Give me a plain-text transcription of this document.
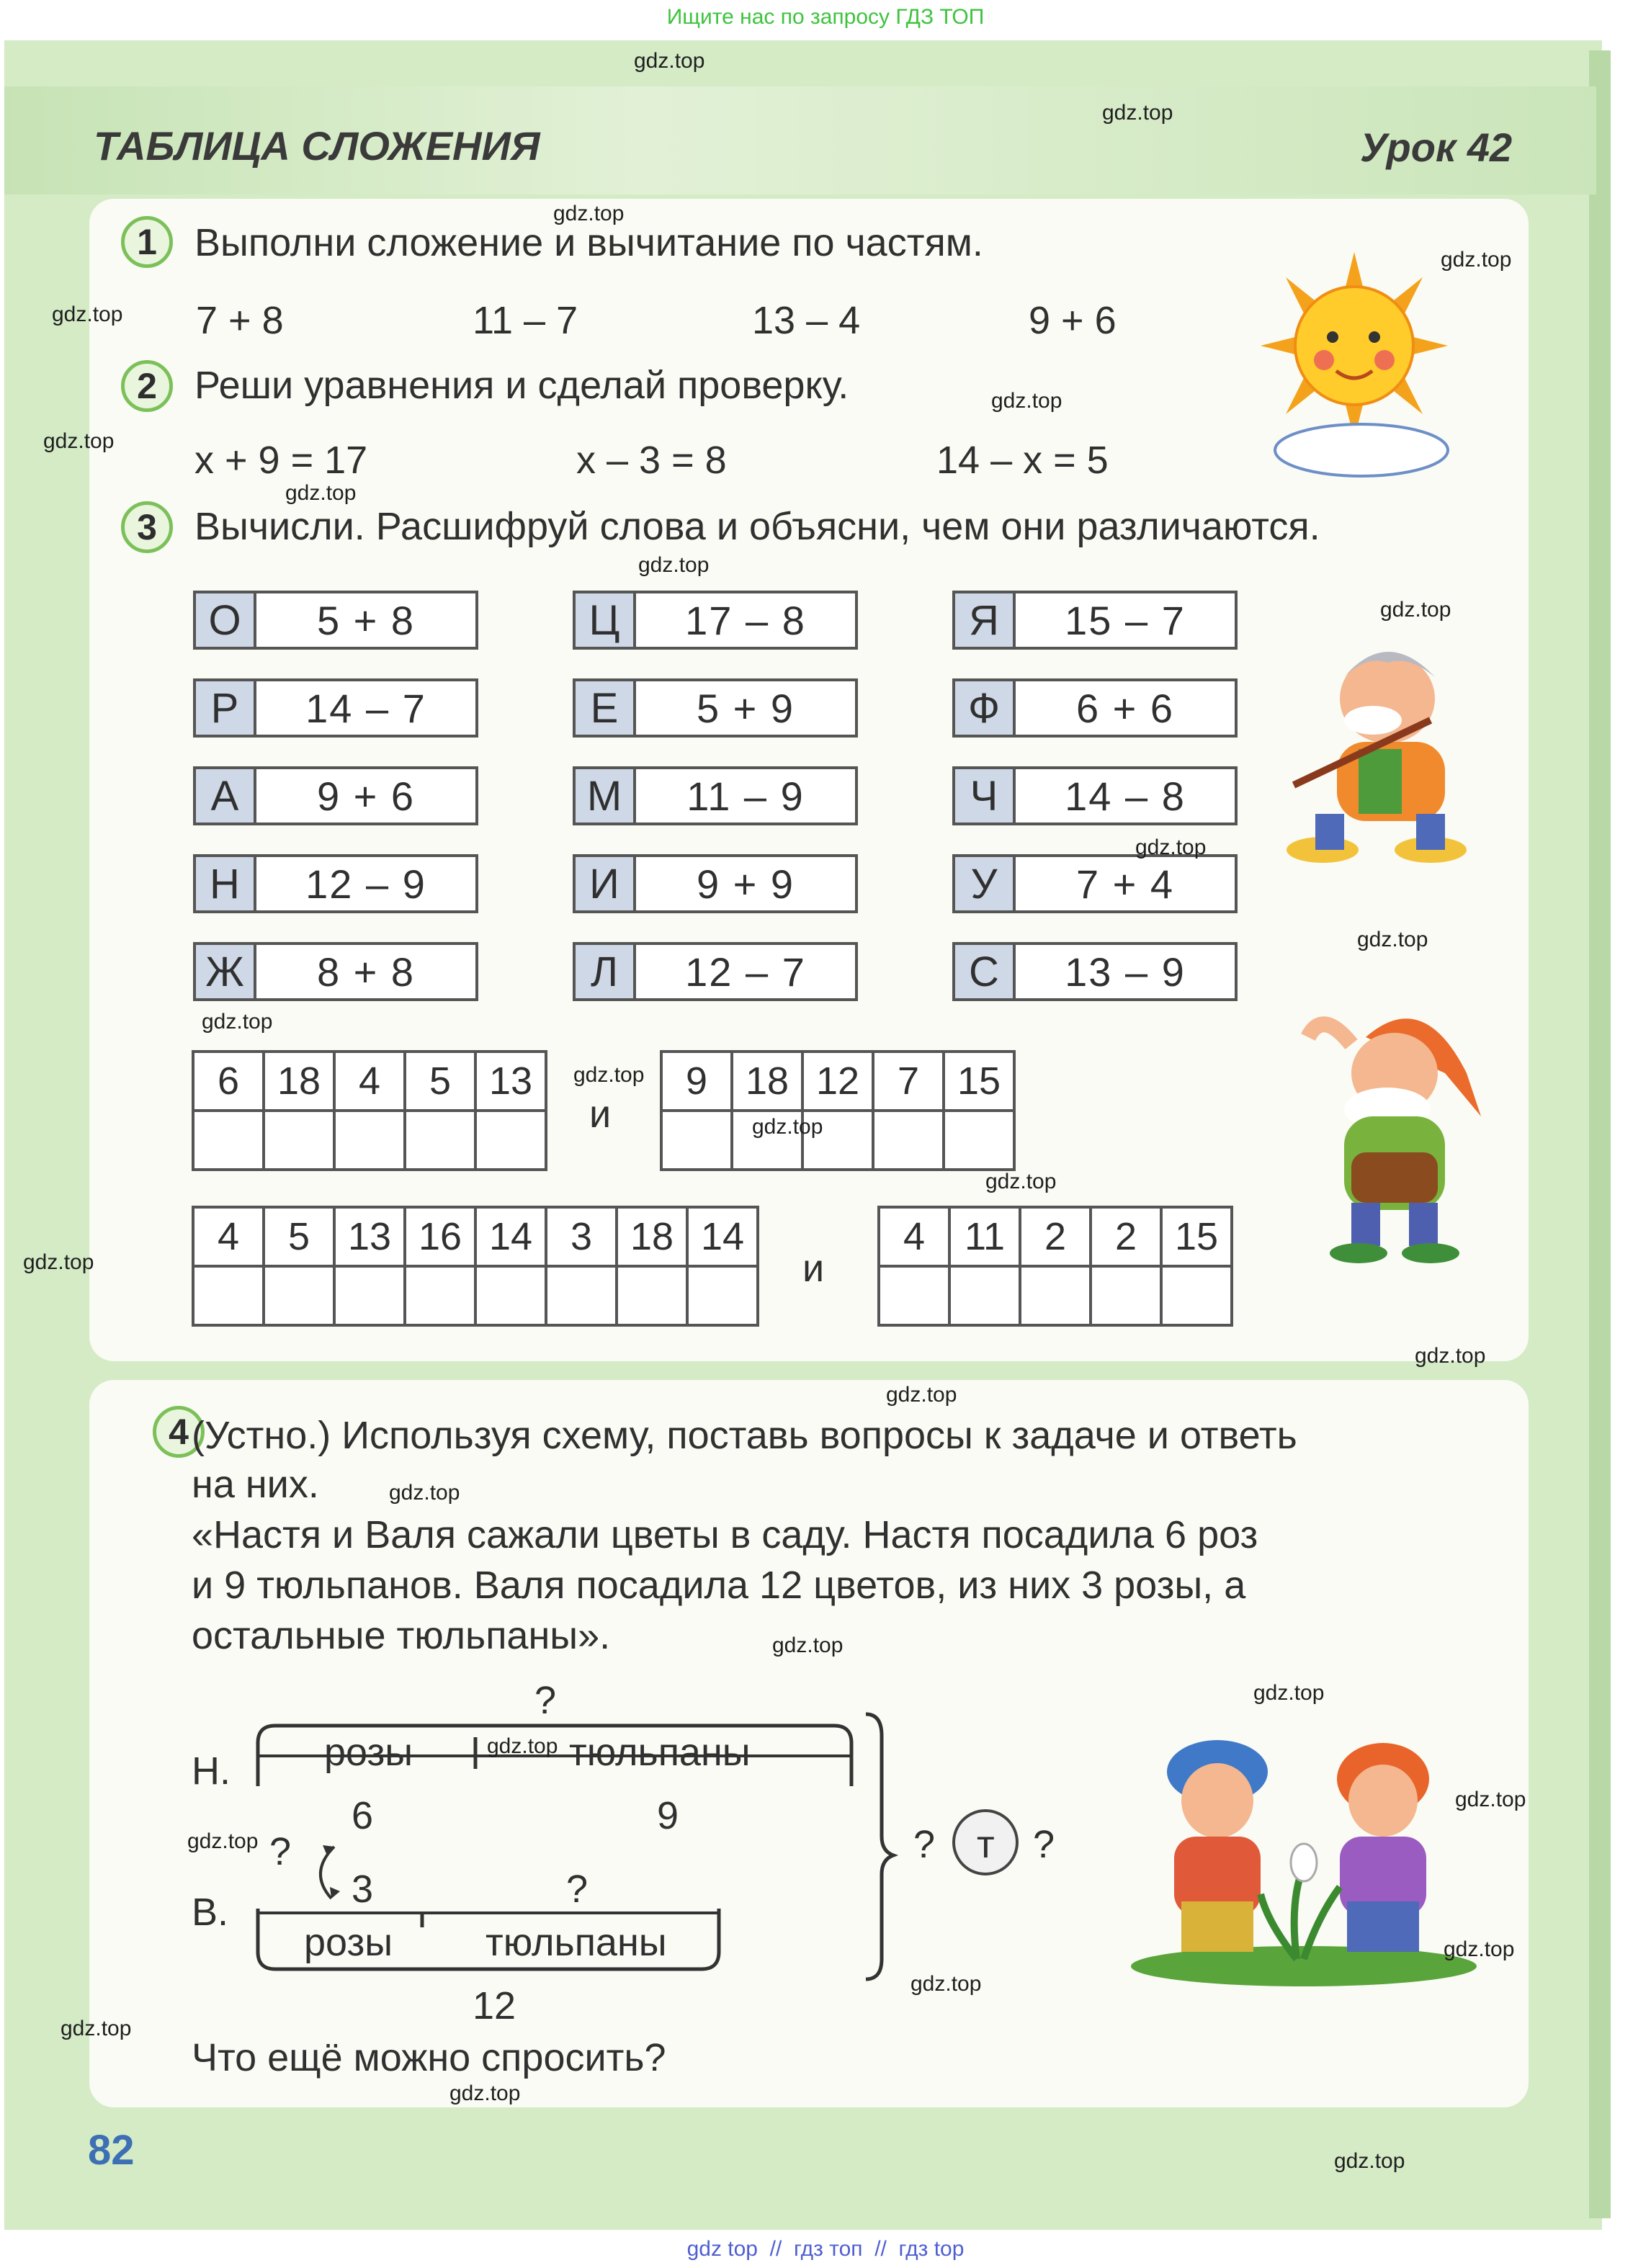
Ищите нас по запросу ГДЗ ТОП
ТАБЛИЦА СЛОЖЕНИЯ	Урок 42
1 Выполни сложение и вычитание по частям.
7 + 8	11 – 7	13 – 4	9 + 6
2 Реши уравнения и сделай проверку.
x + 9 = 17	x – 3 = 8	14 – x = 5
3 Вычисли. Расшифруй слова и объясни, чем они различаются.
О	5 + 8	Ц	17 – 8	Я	15 – 7
Р	14 – 7	Е	5 + 9	Ф	6 + 6
А	9 + 6	М	11 – 9	Ч	14 – 8
Н	12 – 9	И	9 + 9	У	7 + 4
Ж	8 + 8	Л	12 – 7	С	13 – 9
6	18	4	5	13

и
9	18	12	7	15

4	5	13	16	14	3	18	14

и
4	11	2	2	15

4 (Устно.) Используя схему, поставь вопросы к задаче и ответь
на них.
«Настя и Валя сажали цветы в саду. Настя посадила 6 роз
и 9 тюльпанов. Валя посадила 12 цветов, из них 3 розы, а
остальные тюльпаны».
Н.
В.
?
розы	тюльпаны
6	9
?
3	?
розы тюльпаны
12
? т ?
Что ещё можно спросить?
82
gdz.top
gdz.top
gdz.top
gdz.top
gdz.top
gdz.top
gdz.top
gdz.top
gdz.top
gdz.top
gdz.top
gdz.top
gdz.top
gdz.top
gdz.top
gdz.top
gdz.top
gdz.top
gdz.top
gdz.top
gdz.top
gdz.top
gdz.top
gdz.top
gdz.top
gdz.top
gdz.top
gdz.top
gdz.top
gdz.top
gdz top  //  гдз топ  //  гдз top
